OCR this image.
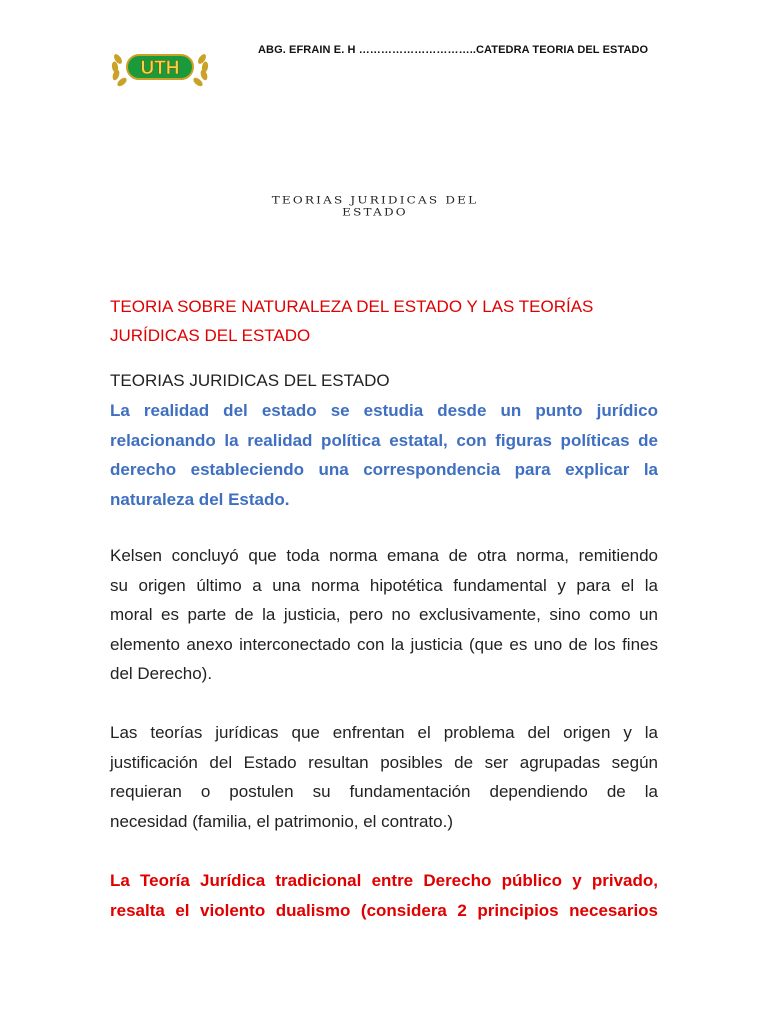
UTH
ABG. EFRAIN E. H …………………………..CATEDRA TEORIA DEL ESTADO
TEORIAS JURIDICAS DEL
ESTADO
TEORIA SOBRE NATURALEZA DEL ESTADO Y LAS TEORÍAS
JURÍDICAS DEL ESTADO
TEORIAS JURIDICAS DEL ESTADO
La realidad del estado se estudia desde un punto jurídico
relacionando la realidad política estatal, con figuras políticas de
derecho estableciendo una correspondencia para explicar la
naturaleza del Estado.
Kelsen concluyó que toda norma emana de otra norma, remitiendo
su origen último a una norma hipotética fundamental y para el la
moral es parte de la justicia, pero no exclusivamente, sino como un
elemento anexo interconectado con la justicia (que es uno de los fines
del Derecho).
Las teorías jurídicas que enfrentan el problema del origen y la
justificación del Estado resultan posibles de ser agrupadas según
requieran o postulen su fundamentación dependiendo de la
necesidad (familia, el patrimonio, el contrato.)
La Teoría Jurídica tradicional entre Derecho público y privado,
resalta el violento dualismo (considera 2 principios necesarios
